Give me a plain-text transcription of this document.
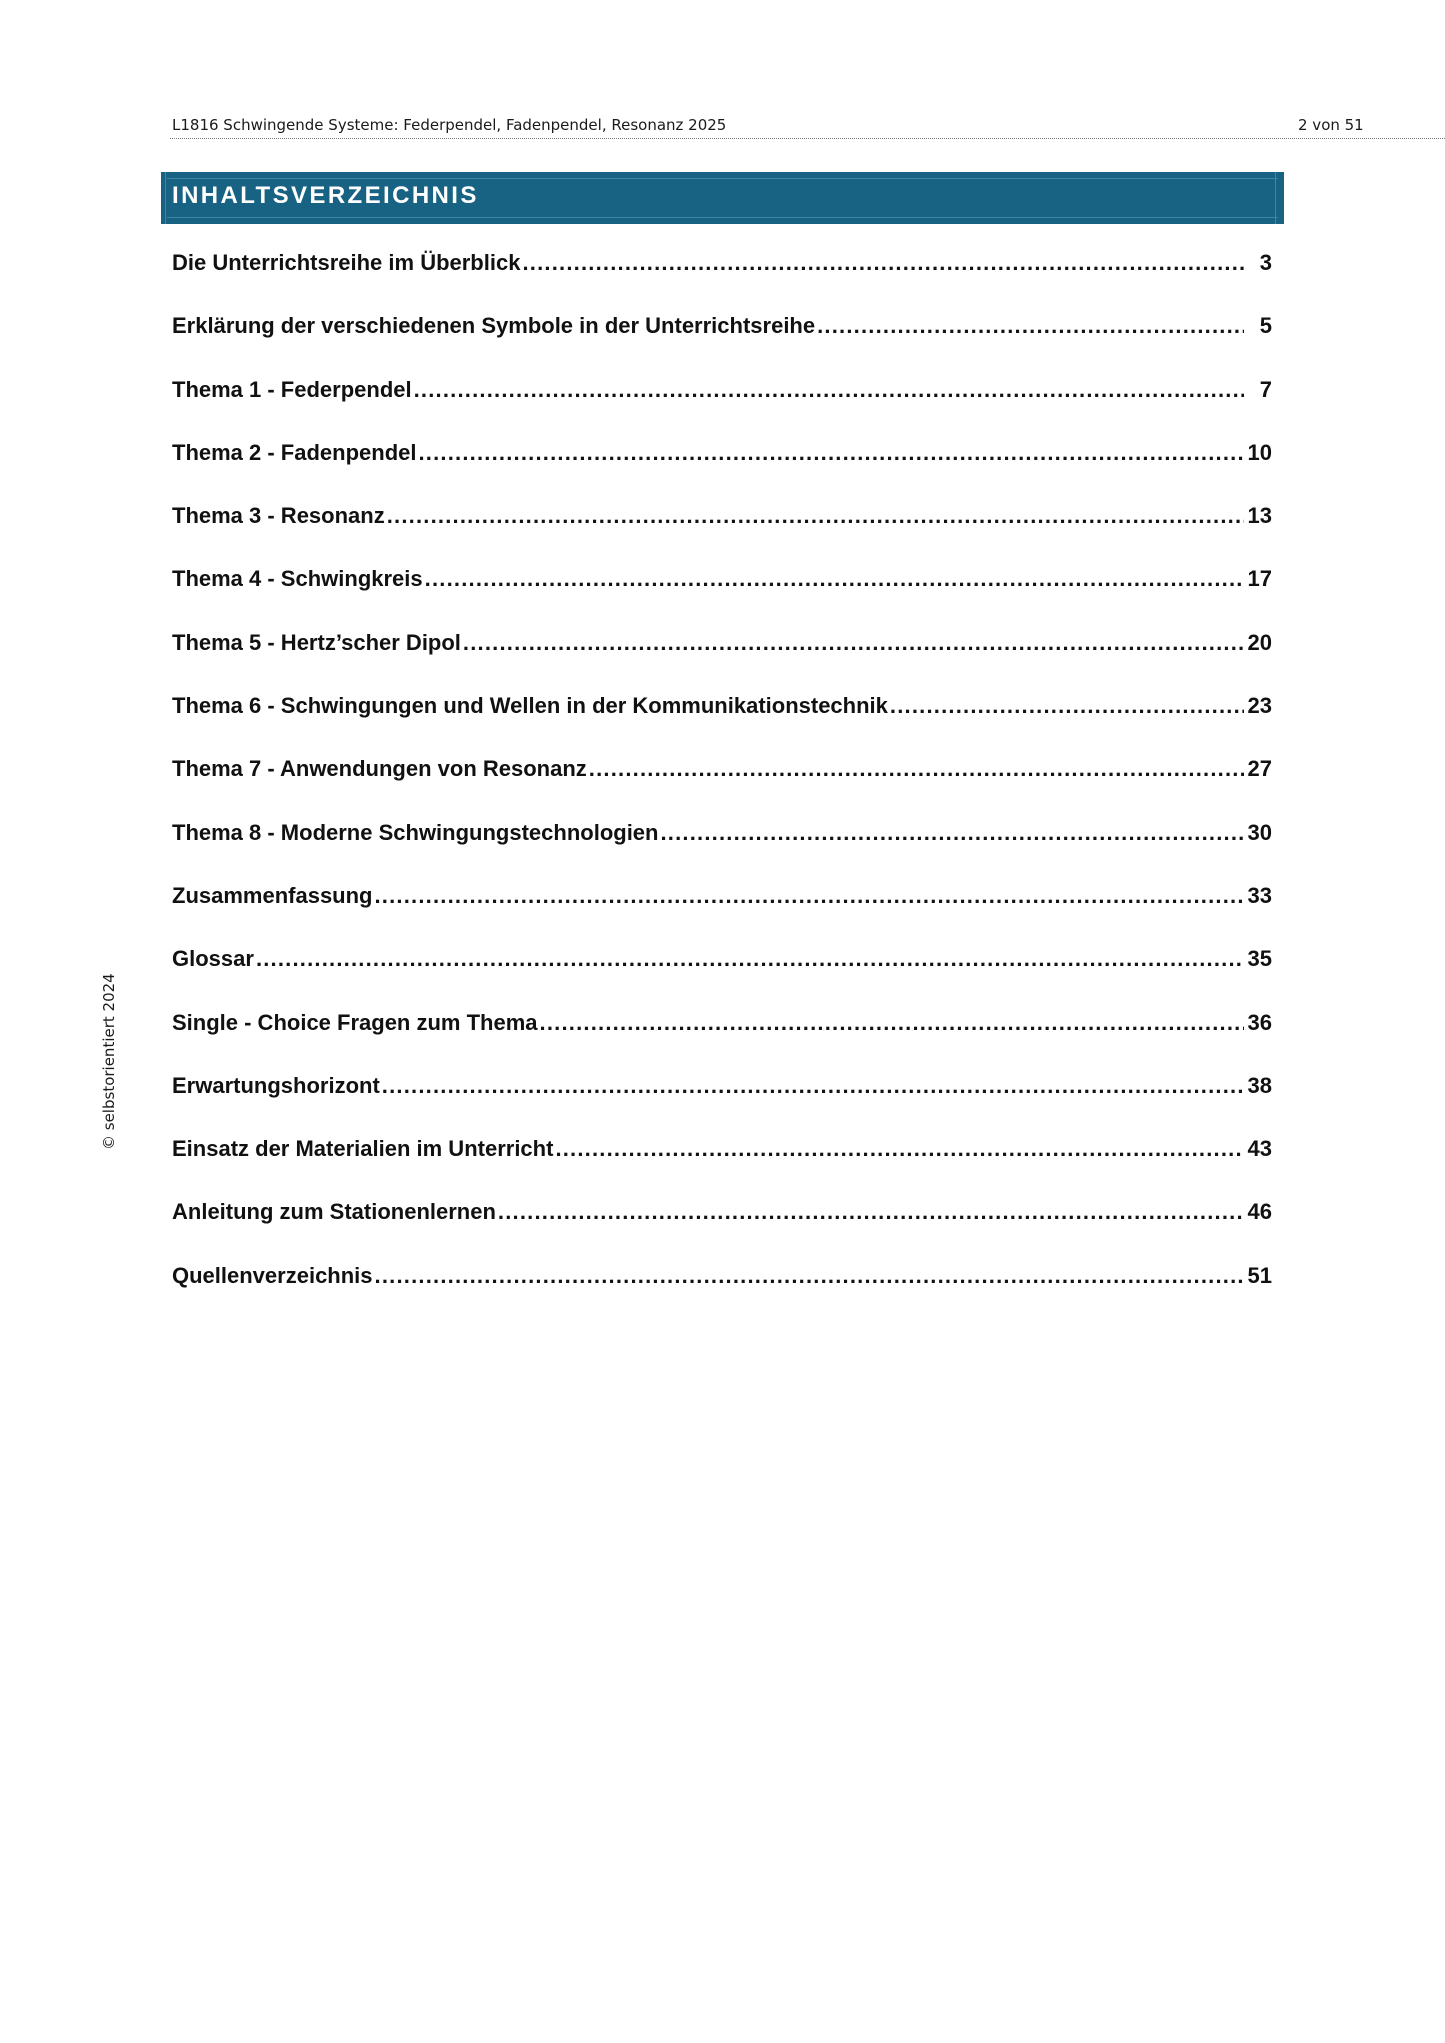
L1816 Schwingende Systeme: Federpendel, Fadenpendel, Resonanz 2025	2 von 51
INHALTSVERZEICHNIS
Die Unterrichtsreihe im Überblick .....	3
Erklärung der verschiedenen Symbole in der Unterrichtsreihe .....	5
Thema 1 - Federpendel .....	7
Thema 2 - Fadenpendel .....	10
Thema 3 - Resonanz .....	13
Thema 4 - Schwingkreis .....	17
Thema 5 - Hertz’scher Dipol .....	20
Thema 6 - Schwingungen und Wellen in der Kommunikationstechnik .....	23
Thema 7 - Anwendungen von Resonanz .....	27
Thema 8 - Moderne Schwingungstechnologien .....	30
Zusammenfassung .....	33
Glossar .....	35
Single - Choice Fragen zum Thema .....	36
Erwartungshorizont .....	38
Einsatz der Materialien im Unterricht .....	43
Anleitung zum Stationenlernen .....	46
Quellenverzeichnis .....	51
© selbstorientiert 2024
